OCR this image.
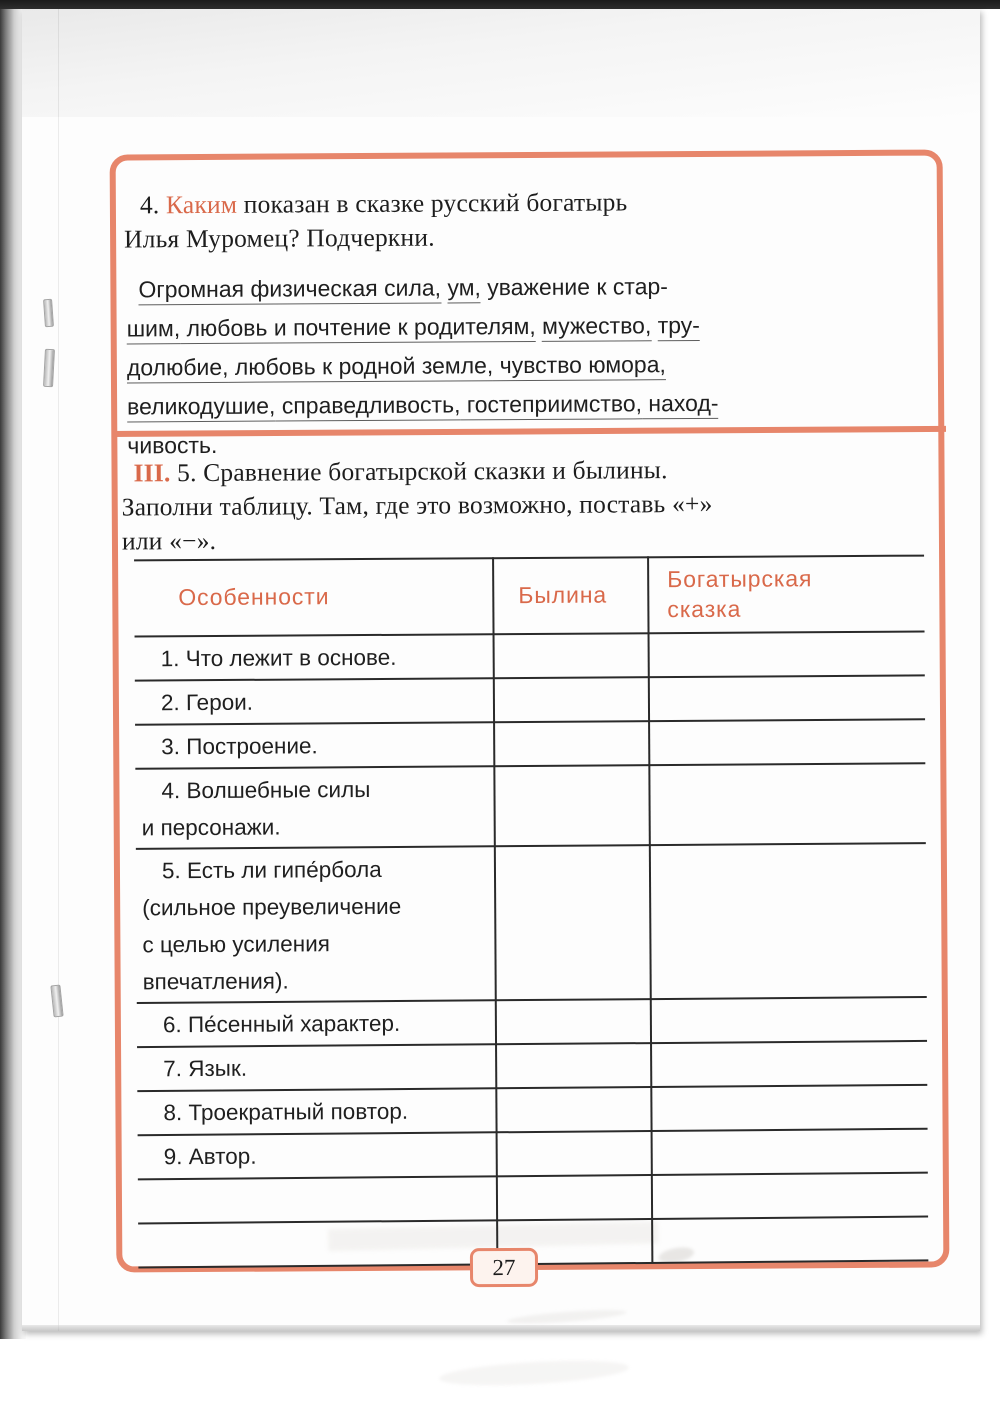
4. Каким показан в сказке русский богатырь
Илья Муромец? Подчеркни.
Огромная физическая сила, ум, уважение к стар-
шим, любовь и почтение к родителям, мужество, тру-
долюбие, любовь к родной земле, чувство юмора,
великодушие, справедливость, гостеприимство, наход-
чивость.
III. 5. Сравнение богатырской сказки и былины.
Заполни таблицу. Там, где это возможно, поставь «+»
или «−».
Особенности	Былина
Богатырская
сказка
1. Что лежит в основе.
2. Герои.
3. Построение.
4. Волшебные силы
и персонажи.
5. Есть ли гипе́рбола
(сильное преувеличение
с целью усиления
впечатления).
6. Пе́сенный характер.
7. Язык.
8. Троекратный повтор.
9. Автор.
27
